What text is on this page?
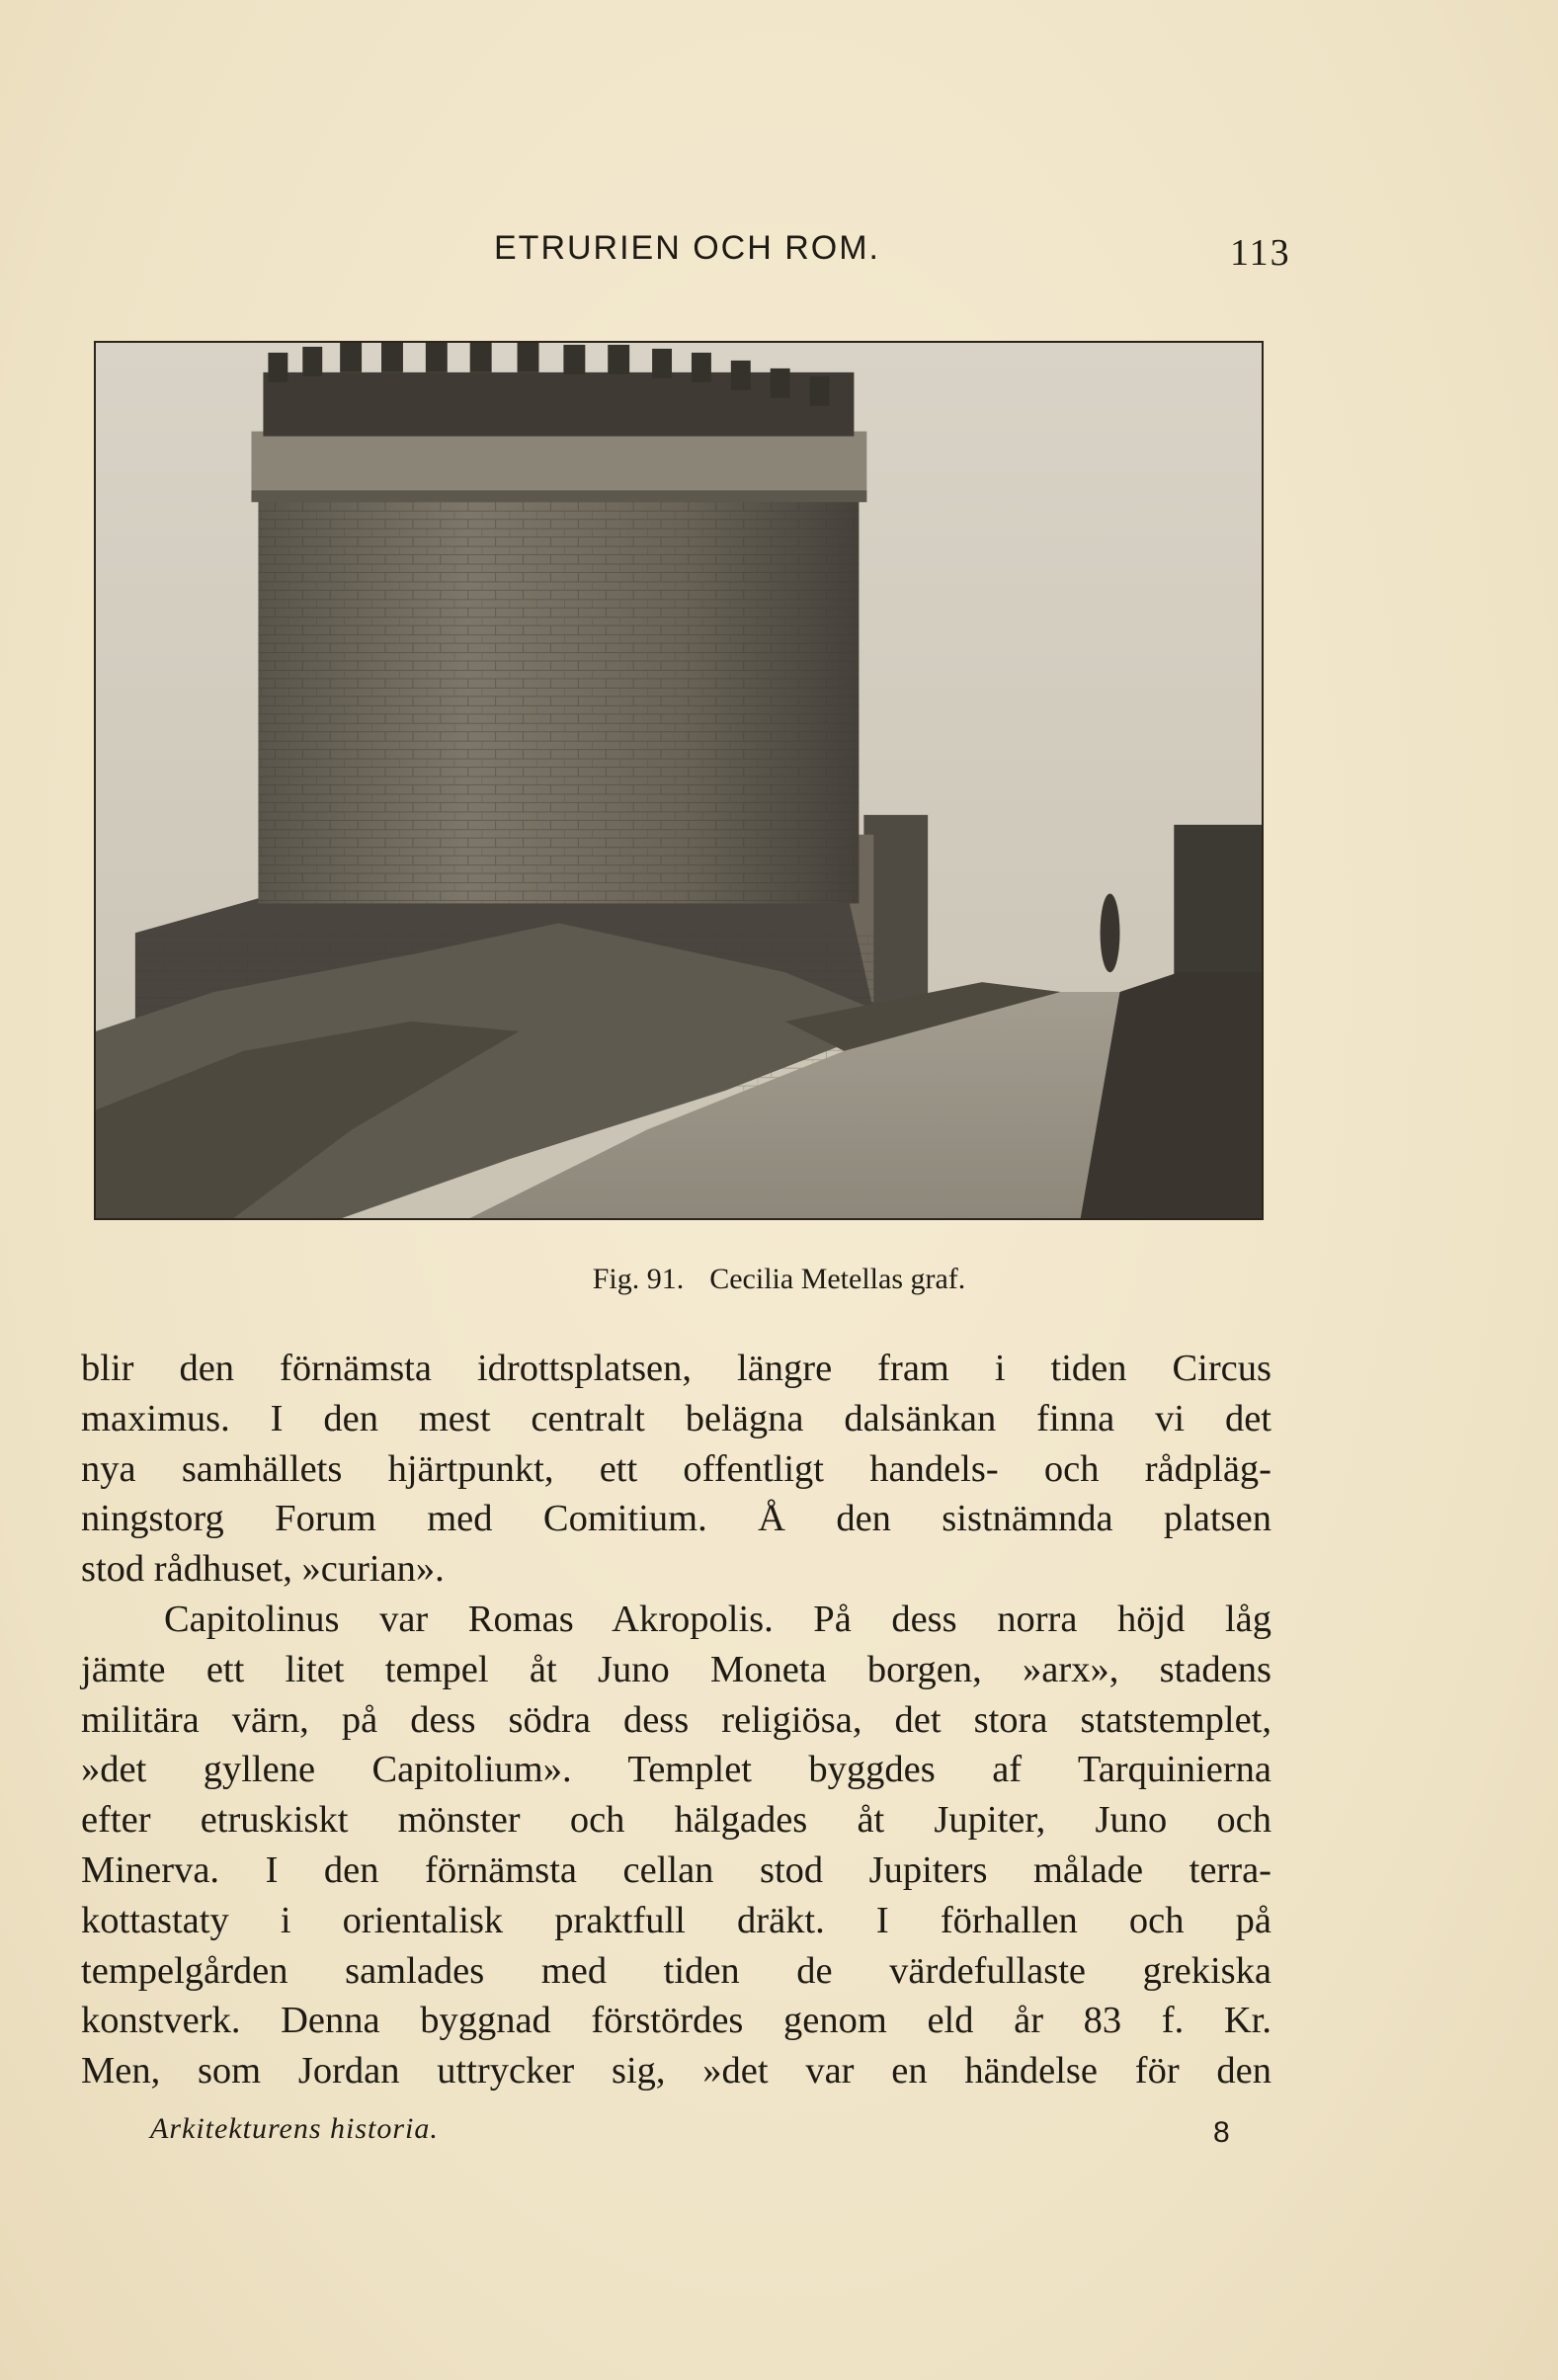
ETRURIEN OCH ROM.	113
Fig. 91. Cecilia Metellas graf.
blir den förnämsta idrottsplatsen, längre fram i tiden Circus
maximus. I den mest centralt belägna dalsänkan finna vi det
nya samhällets hjärtpunkt, ett offentligt handels- och rådpläg-
ningstorg Forum med Comitium. Å den sistnämnda platsen
stod rådhuset, »curian».
Capitolinus var Romas Akropolis. På dess norra höjd låg
jämte ett litet tempel åt Juno Moneta borgen, »arx», stadens
militära värn, på dess södra dess religiösa, det stora statstemplet,
»det gyllene Capitolium». Templet byggdes af Tarquinierna
efter etruskiskt mönster och hälgades åt Jupiter, Juno och
Minerva. I den förnämsta cellan stod Jupiters målade terra-
kottastaty i orientalisk praktfull dräkt. I förhallen och på
tempelgården samlades med tiden de värdefullaste grekiska
konstverk. Denna byggnad förstördes genom eld år 83 f. Kr.
Men, som Jordan uttrycker sig, »det var en händelse för den
Arkitekturens historia.	8
